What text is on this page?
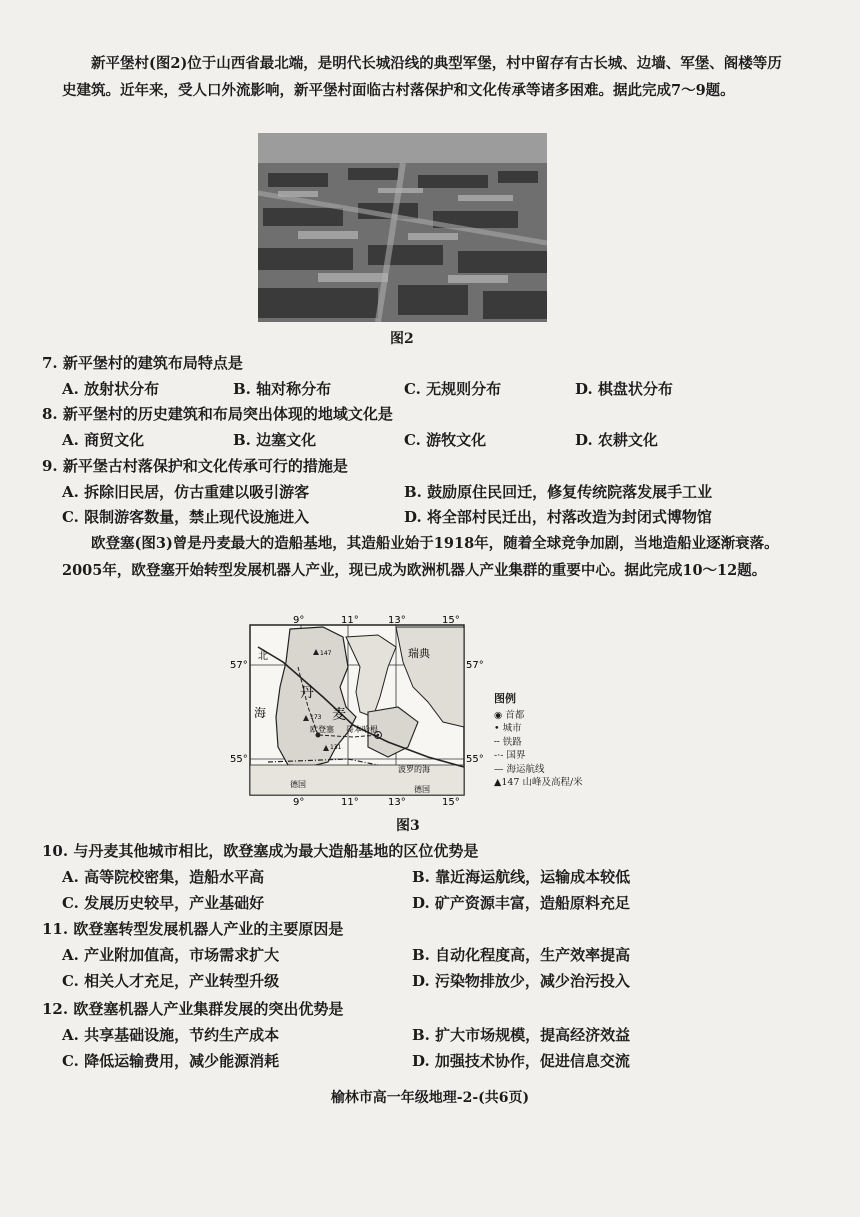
新平堡村(图2)位于山西省最北端，是明代长城沿线的典型军堡，村中留存有古长城、边墙、军堡、阁楼等历史建筑。近年来，受人口外流影响，新平堡村面临古村落保护和文化传承等诸多困难。据此完成7～9题。
图2
7. 新平堡村的建筑布局特点是
A. 放射状分布	B. 轴对称分布	C. 无规则分布	D. 棋盘状分布
8. 新平堡村的历史建筑和布局突出体现的地域文化是
A. 商贸文化	B. 边塞文化	C. 游牧文化	D. 农耕文化
9. 新平堡古村落保护和文化传承可行的措施是
A. 拆除旧民居，仿古重建以吸引游客	B. 鼓励原住民回迁，修复传统院落发展手工业
C. 限制游客数量，禁止现代设施进入	D. 将全部村民迁出，村落改造为封闭式博物馆
欧登塞(图3)曾是丹麦最大的造船基地，其造船业始于1918年，随着全球竞争加剧，当地造船业逐渐衰落。2005年，欧登塞开始转型发展机器人产业，现已成为欧洲机器人产业集群的重要中心。据此完成10～12题。
9°	11°	13°	15°
9°	11°	13°	15°
57°
55°
57°
55°
北
海
丹
麦
瑞典
欧登塞 哥本哈根
波罗的海
德国
德国
147
173
131
图例
◉ 首都
• 城市
╌ 铁路
-·- 国界
— 海运航线
▲147 山峰及高程/米
图3
10. 与丹麦其他城市相比，欧登塞成为最大造船基地的区位优势是
A. 高等院校密集，造船水平高	B. 靠近海运航线，运输成本较低
C. 发展历史较早，产业基础好	D. 矿产资源丰富，造船原料充足
11. 欧登塞转型发展机器人产业的主要原因是
A. 产业附加值高，市场需求扩大	B. 自动化程度高，生产效率提高
C. 相关人才充足，产业转型升级	D. 污染物排放少，减少治污投入
12. 欧登塞机器人产业集群发展的突出优势是
A. 共享基础设施，节约生产成本	B. 扩大市场规模，提高经济效益
C. 降低运输费用，减少能源消耗	D. 加强技术协作，促进信息交流
榆林市高一年级地理-2-(共6页)
